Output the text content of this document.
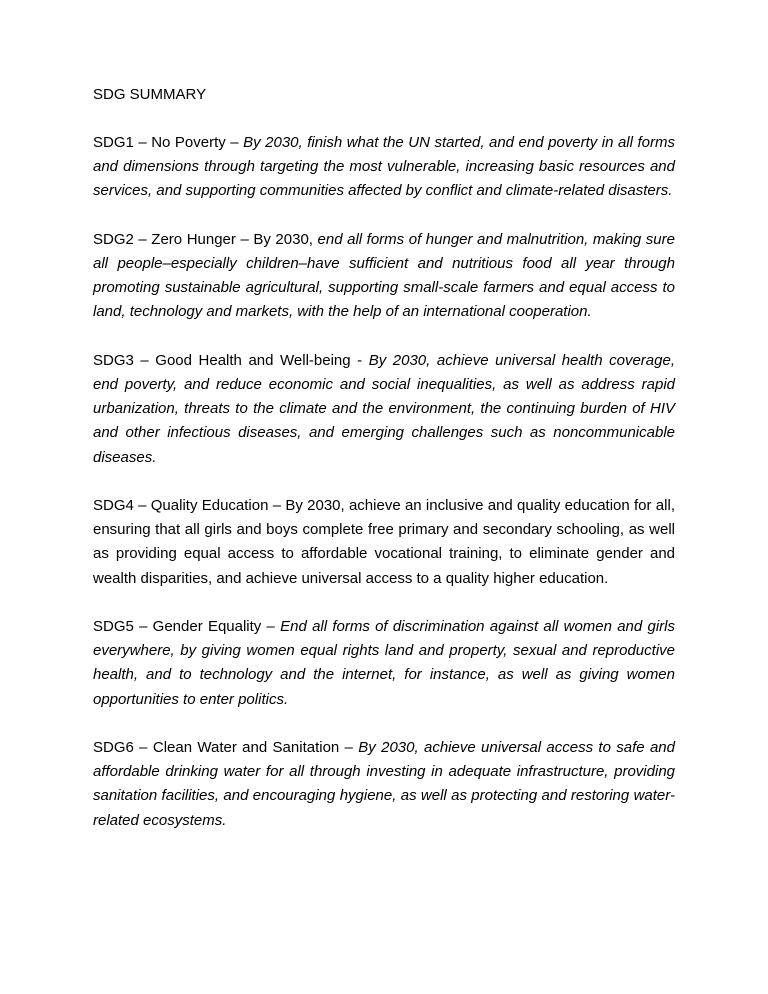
SDG SUMMARY

SDG1 – No Poverty – By 2030, finish what the UN started, and end poverty in all forms and dimensions through targeting the most vulnerable, increasing basic resources and services, and supporting communities affected by conflict and climate-related disasters.

SDG2 – Zero Hunger – By 2030, end all forms of hunger and malnutrition, making sure all people–especially children–have sufficient and nutritious food all year through promoting sustainable agricultural, supporting small-scale farmers and equal access to land, technology and markets, with the help of an international cooperation.

SDG3 – Good Health and Well-being - By 2030, achieve universal health coverage, end poverty, and reduce economic and social inequalities, as well as address rapid urbanization, threats to the climate and the environment, the continuing burden of HIV and other infectious diseases, and emerging challenges such as noncommunicable diseases.

SDG4 – Quality Education – By 2030, achieve an inclusive and quality education for all, ensuring that all girls and boys complete free primary and secondary schooling, as well as providing equal access to affordable vocational training, to eliminate gender and wealth disparities, and achieve universal access to a quality higher education.

SDG5 – Gender Equality – End all forms of discrimination against all women and girls everywhere, by giving women equal rights land and property, sexual and reproductive health, and to technology and the internet, for instance, as well as giving women opportunities to enter politics.

SDG6 – Clean Water and Sanitation – By 2030, achieve universal access to safe and affordable drinking water for all through investing in adequate infrastructure, providing sanitation facilities, and encouraging hygiene, as well as protecting and restoring water-related ecosystems.
